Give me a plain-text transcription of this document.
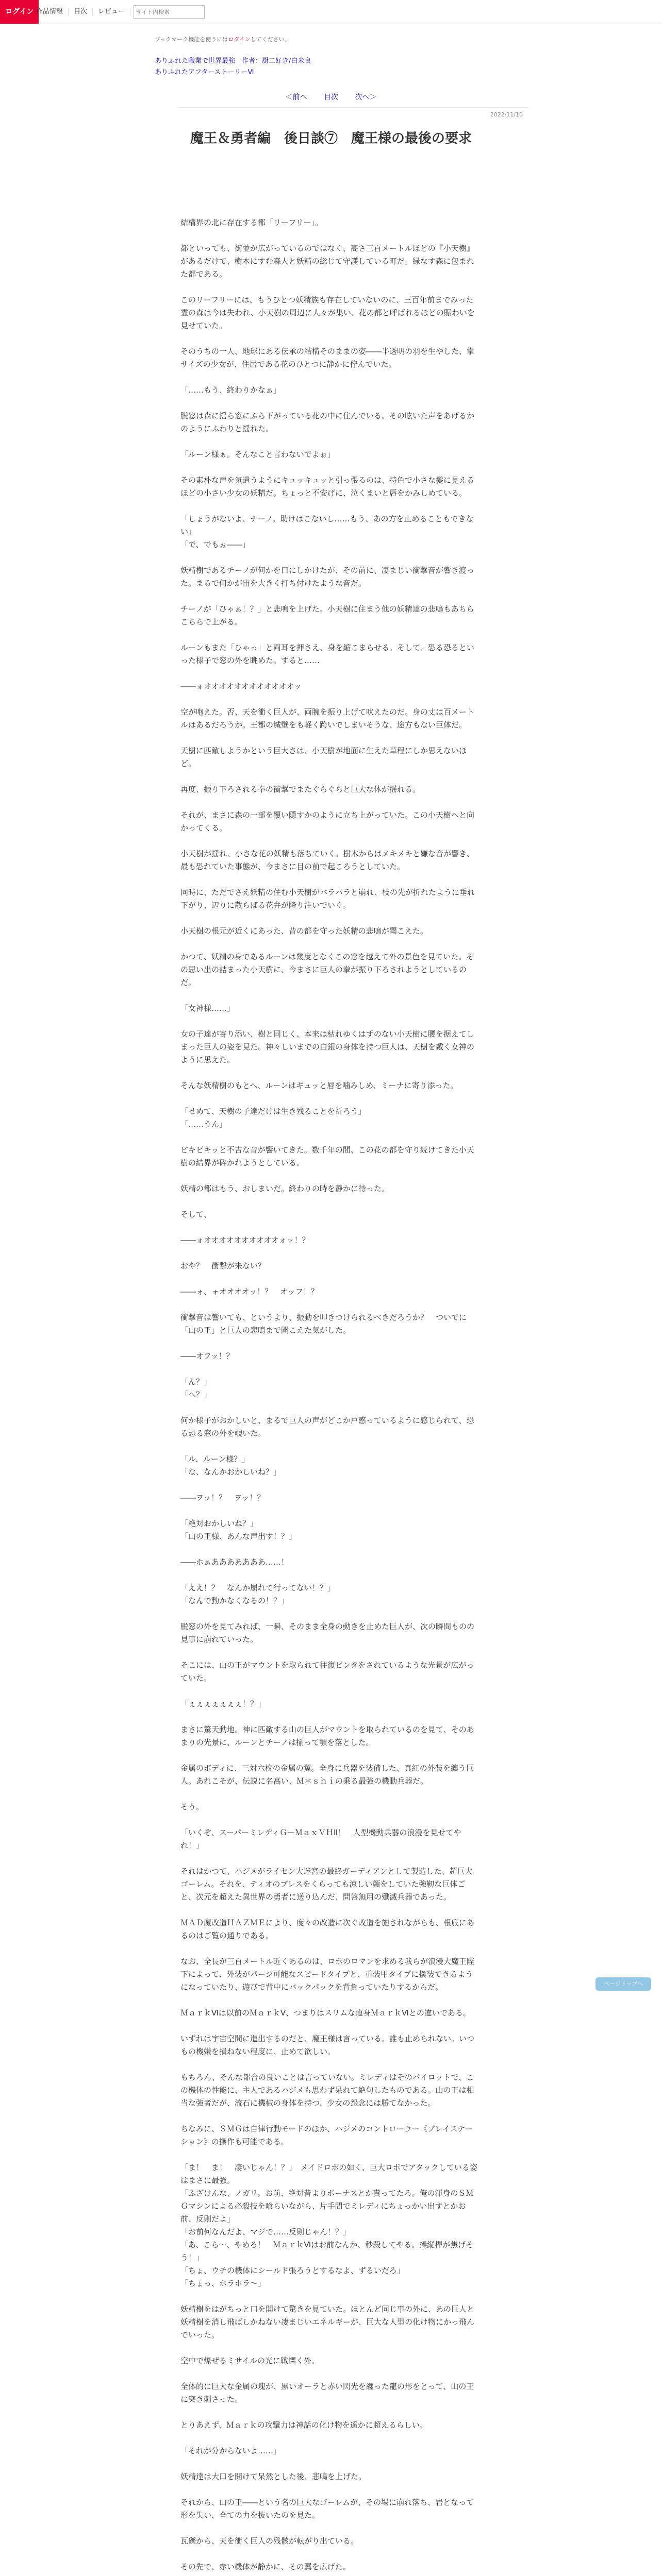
ログイン 作品情報	目次	レビュー
サイト内検索
ブックマーク機能を使うにはログインしてください。
ありふれた職業で世界最強　作者：厨二好き/白米良
ありふれたアフターストーリーⅥ
＜前へ 目次 次へ＞
2022/11/10
魔王＆勇者編　後日談⑦　魔王様の最後の要求

結構界の北に存在する都「リーフリー」。

都といっても、街並が広がっているのではなく、高さ三百メートルほどの『小天樹』があるだけで、樹木にすむ森人と妖精の総じて守護している町だ。緑なす森に包まれた都である。

このリーフリーには、もうひとつ妖精族も存在していないのに、三百年前までみった霊の森は今は失われ、小天樹の周辺に人々が集い、花の都と呼ばれるほどの賑わいを見せていた。

そのうちの一人、地球にある伝承の結構そのままの姿――半透明の羽を生やした、掌サイズの少女が、住居である花のひとつに静かに佇んでいた。

「……もう、終わりかなぁ」

脱窓は森に揺ら窓にぶら下がっている花の中に住んでいる。その呟いた声をあげるかのようにふわりと揺れた。

「ルーン様ぁ。そんなこと言わないでよぉ」

その素朴な声を気遣うようにキュッキュッと引っ張るのは、特色で小さな髪に見えるほどの小さい少女の妖精だ。ちょっと不安げに、泣くまいと唇をかみしめている。

「しょうがないよ、チーノ。助けはこないし……もう、あの方を止めることもできない」

「で、でもぉ――」

妖精樹であるチーノが何かを口にしかけたが、その前に、凄まじい衝撃音が響き渡った。まるで何かが宙を大きく打ち付けたような音だ。

チーノが「ひゃぁ！？」と悲鳴を上げた。小天樹に住まう他の妖精達の悲鳴もあちらこちらで上がる。

ルーンもまた「ひゃっ」と両耳を押さえ、身を縮こまらせる。そして、恐る恐るといった様子で窓の外を眺めた。すると……

――ォオオオオオオオオオオオオッ

空が咆えた。否、天を衝く巨人が、両腕を振り上げて吠えたのだ。身の丈は百メートルはあるだろうか。王都の城壁をも軽く跨いでしまいそうな、途方もない巨体だ。

天樹に匹敵しようかという巨大さは、小天樹が地面に生えた草程にしか思えないほど。

再度、振り下ろされる拳の衝撃でまたぐらぐらと巨大な体が揺れる。

それが、まさに森の一部を覆い隠すかのように立ち上がっていた。この小天樹へと向かってくる。

小天樹が揺れ、小さな花の妖精も落ちていく。樹木からはメキメキと嫌な音が響き、最も恐れていた事態が、今まさに目の前で起ころうとしていた。

同時に、ただでさえ妖精の住む小天樹がバラバラと崩れ、枝の先が折れたように垂れ下がり、辺りに散らばる花弁が降り注いでいく。

小天樹の根元が近くにあった、昔の都を守った妖精の悲鳴が聞こえた。

かつて、妖精の身であるルーンは幾度となくこの窓を越えて外の景色を見ていた。その思い出の詰まった小天樹に、今まさに巨人の拳が振り下ろされようとしているのだ。

「女神様……」

女の子達が寄り添い、樹と同じく、本来は枯れゆくはずのない小天樹に腰を据えてしまった巨人の姿を見た。神々しいまでの白銀の身体を持つ巨人は、天樹を戴く女神のように思えた。

そんな妖精樹のもとへ、ルーンはギュッと唇を噛みしめ、ミーナに寄り添った。

「せめて、天樹の子達だけは生き残ることを祈ろう」

「……うん」

ピキピキッと不吉な音が響いてきた。数千年の間、この花の都を守り続けてきた小天樹の結界が砕かれようとしている。

妖精の都はもう、おしまいだ。終わりの時を静かに待った。

そして、

――ォオオオオオオオオオオォッ！？

おや？　衝撃が来ない？

――ォ、ォオオオオッ！？　オッフ！？

衝撃音は響いても、というより、振動を叩きつけられるべきだろうか？　ついでに「山の王」と巨人の悲鳴まで聞こえた気がした。

――オフッ！？

「ん？」

「へ？」

何か様子がおかしいと、まるで巨人の声がどこか戸惑っているように感じられて、恐る恐る窓の外を覗いた。

「ル、ルーン様？」

「な、なんかおかしいね？」

――ヲッ！？　ヲッ！？

「絶対おかしいね？」

「山の王様、あんな声出す！？」

――ホぁあああああああ……！

「ええ！？　なんか崩れて行ってない！？」

「なんで動かなくなるの！？」

脱窓の外を見てみれば、一瞬、そのまま全身の動きを止めた巨人が、次の瞬間ものの見事に崩れていった。

そこには、山の王がマウントを取られて往復ビンタをされているような光景が広がっていた。

「ぇぇぇぇぇぇぇ！？」

まさに驚天動地。神に匹敵する山の巨人がマウントを取られているのを見て、そのあまりの光景に、ルーンとチーノは揃って顎を落とした。

金属のボディに、三対六枚の金属の翼。全身に兵器を装備した、真紅の外装を纏う巨人。あれこそが、伝説に名高い、Ｍ＊ｓｈｉの乗る最強の機動兵器だ。

そう。

「いくぞ、スーパーミレディＧ－ＭａｘＶＨⅡ！　人型機動兵器の浪漫を見せてやれ！」

それはかつて、ハジメがライセン大迷宮の最終ガーディアンとして製造した、超巨大ゴーレム。それを、ティオのブレスをくらっても涼しい顔をしていた強靭な巨体ごと、次元を超えた異世界の勇者に送り込んだ、問答無用の殲滅兵器であった。

ＭＡＤ魔改造ＨＡＺＭＥにより、度々の改造に次ぐ改造を施されながらも、根底にあるのはご覧の通りである。

なお、全長が三百メートル近くあるのは、ロボのロマンを求める我らが浪漫大魔王陛下によって、外装がパージ可能なスピードタイプと、重装甲タイプに換装できるようになっていたり、遊びで背中にバックパックを背負っていたりするからだ。

ＭａｒｋⅥは以前のＭａｒｋⅤ、つまりはスリムな痩身ＭａｒｋⅥとの違いである。

いずれは宇宙空間に進出するのだと、魔王様は言っている。誰も止められない。いつもの機嫌を損ねない程度に、止めて欲しい。

もちろん、そんな都合の良いことは言っていない。ミレディはそのパイロットで、この機体の性能に、主人であるハジメも思わず呆れて絶句したものである。山の王は相当な強者だが、流石に機械の身体を持つ、少女の怨念には勝てなかった。

ちなみに、ＳＭＧは自律行動モードのほか、ハジメのコントローラー《プレイステーション》の操作も可能である。

「ま！　ま！　凄いじゃん！？」　メイドロボの如く、巨大ロボでアタックしている姿はまさに最強。

「ふざけんな、ノガリ。お前、絶対昔よりボーナスとか貰ってたろ。俺の渾身のＳＭＧマシンによる必殺技を喰らいながら、片手間でミレディにちょっかい出すとかお前、反則だよ」

「お前何なんだよ、マジで……反則じゃん！？」

「あ、こら～、やめろ！　ＭａｒｋⅥはお前なんか、秒殺してやる。操縦桿が焦げそう！」

「ちょ、ウチの機体にシールド張ろうとするなよ、ずるいだろ」

「ちょっ、ホラホラ～」

妖精樹をはがちっと口を開けて驚きを見ていた。ほとんど同じ事の外に、あの巨人と妖精樹を消し飛ばしかねない凄まじいエネルギーが、巨大な人型の化け物にかっ飛んでいった。

空中で爆ぜるミサイルの光に戦慄く外。

全体的に巨大な金属の塊が、黒いオーラと赤い閃光を纏った龍の形をとって、山の王に突き刺さった。

とりあえず、Ｍａｒｋの攻撃力は神話の化け物を遥かに超えるらしい。

「それが分からないよ……」

妖精達は大口を開けて呆然とした後、悲鳴を上げた。

それから、山の王――という名の巨大なゴーレムが、その場に崩れ落ち、岩となって形を失い、全ての力を抜いたのを見た。

瓦礫から、天を衝く巨人の残骸が転がり出ている。

その先で、赤い機体が静かに、その翼を広げた。

ページトップへ
